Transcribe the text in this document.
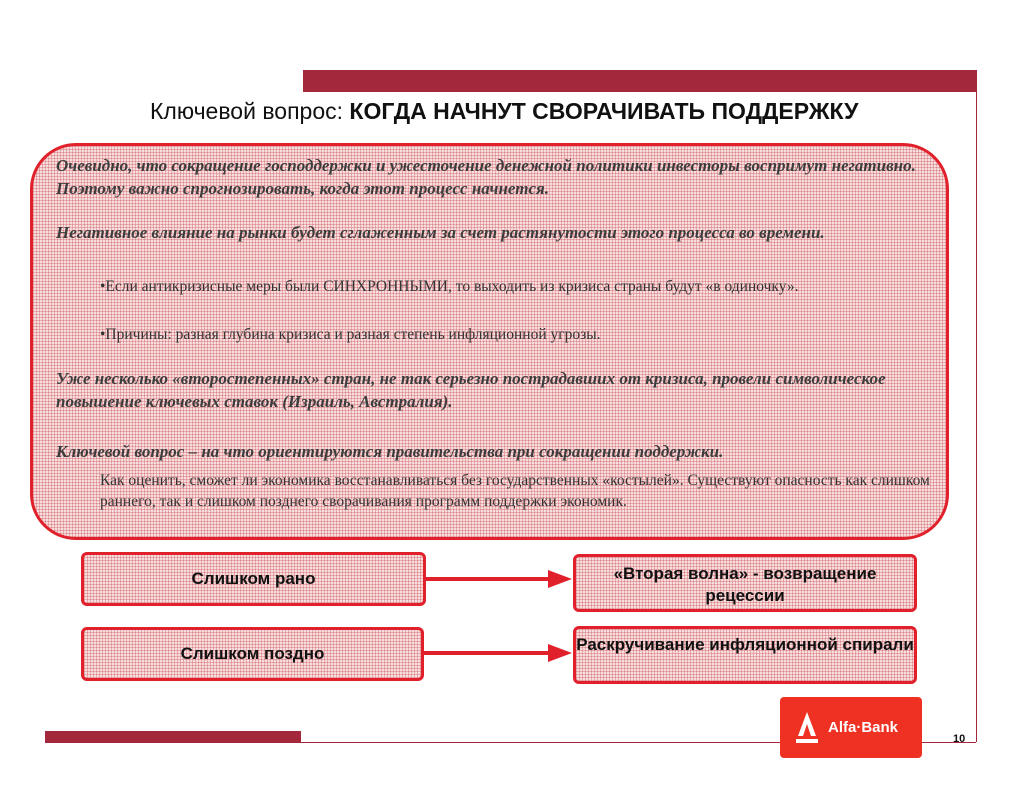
Ключевой вопрос: КОГДА НАЧНУТ СВОРАЧИВАТЬ ПОДДЕРЖКУ
Очевидно, что сокращение господдержки и ужесточение денежной политики инвесторы воспримут негативно. Поэтому важно спрогнозировать, когда этот процесс начнется.
Негативное влияние на рынки будет сглаженным за счет растянутости этого процесса во времени.
•Если антикризисные меры были СИНХРОННЫМИ, то выходить из кризиса страны будут «в одиночку».
•Причины: разная глубина кризиса и разная степень инфляционной угрозы.
Уже несколько «второстепенных» стран, не так серьезно пострадавших от кризиса, провели символическое повышение ключевых ставок (Израиль, Австралия).
Ключевой вопрос – на что ориентируются правительства при сокращении поддержки.
Как оценить, сможет ли экономика восстанавливаться без государственных «костылей». Существуют опасность как слишком раннего, так и слишком позднего сворачивания программ поддержки экономик.
Слишком рано
Слишком поздно
«Вторая волна» - возвращение рецессии
Раскручивание инфляционной спирали
Alfa·Bank
10
